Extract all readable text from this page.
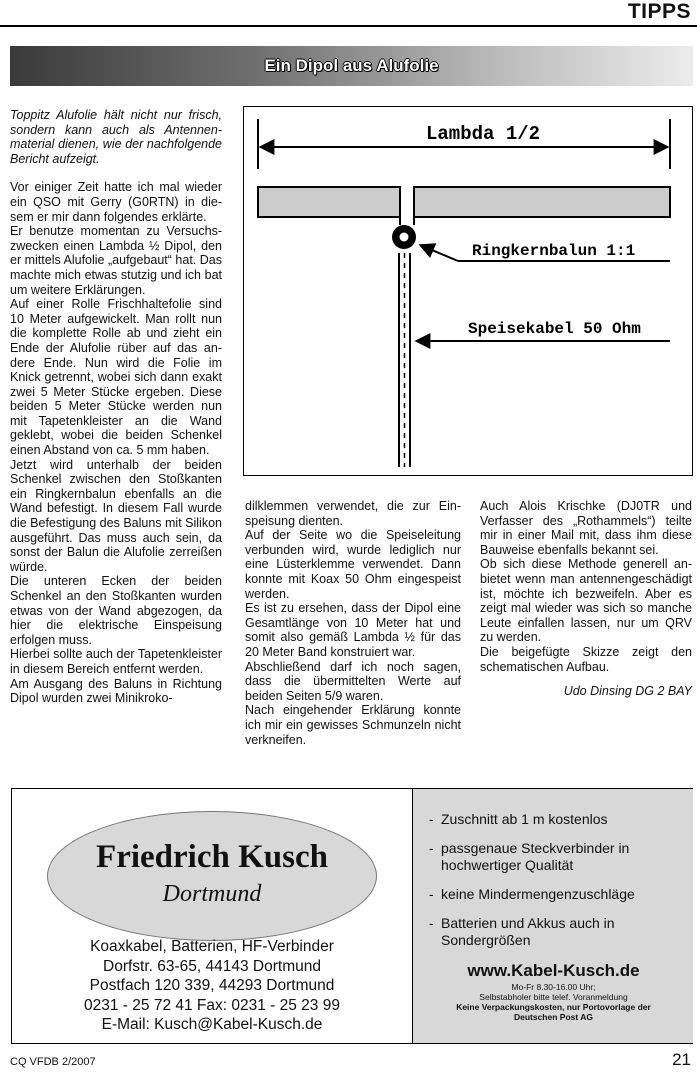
TIPPS
Ein Dipol aus Alufolie

Toppitz Alufolie hält nicht nur frisch, sondern kann auch als Antennenmaterial dienen, wie der nachfolgende Bericht aufzeigt.

Vor einiger Zeit hatte ich mal wieder ein QSO mit Gerry (G0RTN) in diesem er mir dann folgendes erklärte.

Er benutze momentan zu Versuchszwecken einen Lambda ½ Dipol, den er mittels Alufolie „aufgebaut“ hat. Das machte mich etwas stutzig und ich bat um weitere Erklärungen.

Auf einer Rolle Frischhaltefolie sind 10 Meter aufgewickelt. Man rollt nun die komplette Rolle ab und zieht ein Ende der Alufolie rüber auf das andere Ende. Nun wird die Folie im Knick getrennt, wobei sich dann exakt zwei 5 Meter Stücke ergeben. Diese beiden 5 Meter Stücke werden nun mit Tapetenkleister an die Wand geklebt, wobei die beiden Schenkel einen Abstand von ca. 5 mm haben.

Jetzt wird unterhalb der beiden Schenkel zwischen den Stoßkanten ein Ringkernbalun ebenfalls an die Wand befestigt. In diesem Fall wurde die Befestigung des Baluns mit Silikon ausgeführt. Das muss auch sein, da sonst der Balun die Alufolie zerreißen würde.

Die unteren Ecken der beiden Schenkel an den Stoßkanten wurden etwas von der Wand abgezogen, da hier die elektrische Einspeisung erfolgen muss.

Hierbei sollte auch der Tapetenkleister in diesem Bereich entfernt werden.

Am Ausgang des Baluns in Richtung Dipol wurden zwei Minikroko-

Lambda 1/2
Ringkernbalun 1:1
Speisekabel 50 Ohm

dilklemmen verwendet, die zur Einspeisung dienten.

Auf der Seite wo die Speiseleitung verbunden wird, wurde lediglich nur eine Lüsterklemme verwendet. Dann konnte mit Koax 50 Ohm eingespeist werden.

Es ist zu ersehen, dass der Dipol eine Gesamtlänge von 10 Meter hat und somit also gemäß Lambda ½ für das 20 Meter Band konstruiert war.

Abschließend darf ich noch sagen, dass die übermittelten Werte auf beiden Seiten 5/9 waren.

Nach eingehender Erklärung konnte ich mir ein gewisses Schmunzeln nicht verkneifen.

Auch Alois Krischke (DJ0TR und Verfasser des „Rothammels“) teilte mir in einer Mail mit, dass ihm diese Bauweise ebenfalls bekannt sei.

Ob sich diese Methode generell anbietet wenn man antennengeschädigt ist, möchte ich bezweifeln. Aber es zeigt mal wieder was sich so manche Leute einfallen lassen, nur um QRV zu werden.

Die beigefügte Skizze zeigt den schematischen Aufbau.

Udo Dinsing DG 2 BAY

Friedrich Kusch
Dortmund
Koaxkabel, Batterien, HF-Verbinder
Dorfstr. 63-65, 44143 Dortmund
Postfach 120 339, 44293 Dortmund
0231 - 25 72 41 Fax: 0231 - 25 23 99
E-Mail: Kusch@Kabel-Kusch.de
- Zuschnitt ab 1 m kostenlos
- passgenaue Steckverbinder in hochwertiger Qualität
- keine Mindermengenzuschläge
- Batterien und Akkus auch in Sondergrößen
www.Kabel-Kusch.de
Mo-Fr 8.30-16.00 Uhr;
Selbstabholer bitte telef. Voranmeldung
Keine Verpackungskosten, nur Portovorlage der
Deutschen Post AG
CQ VFDB 2/2007	21
